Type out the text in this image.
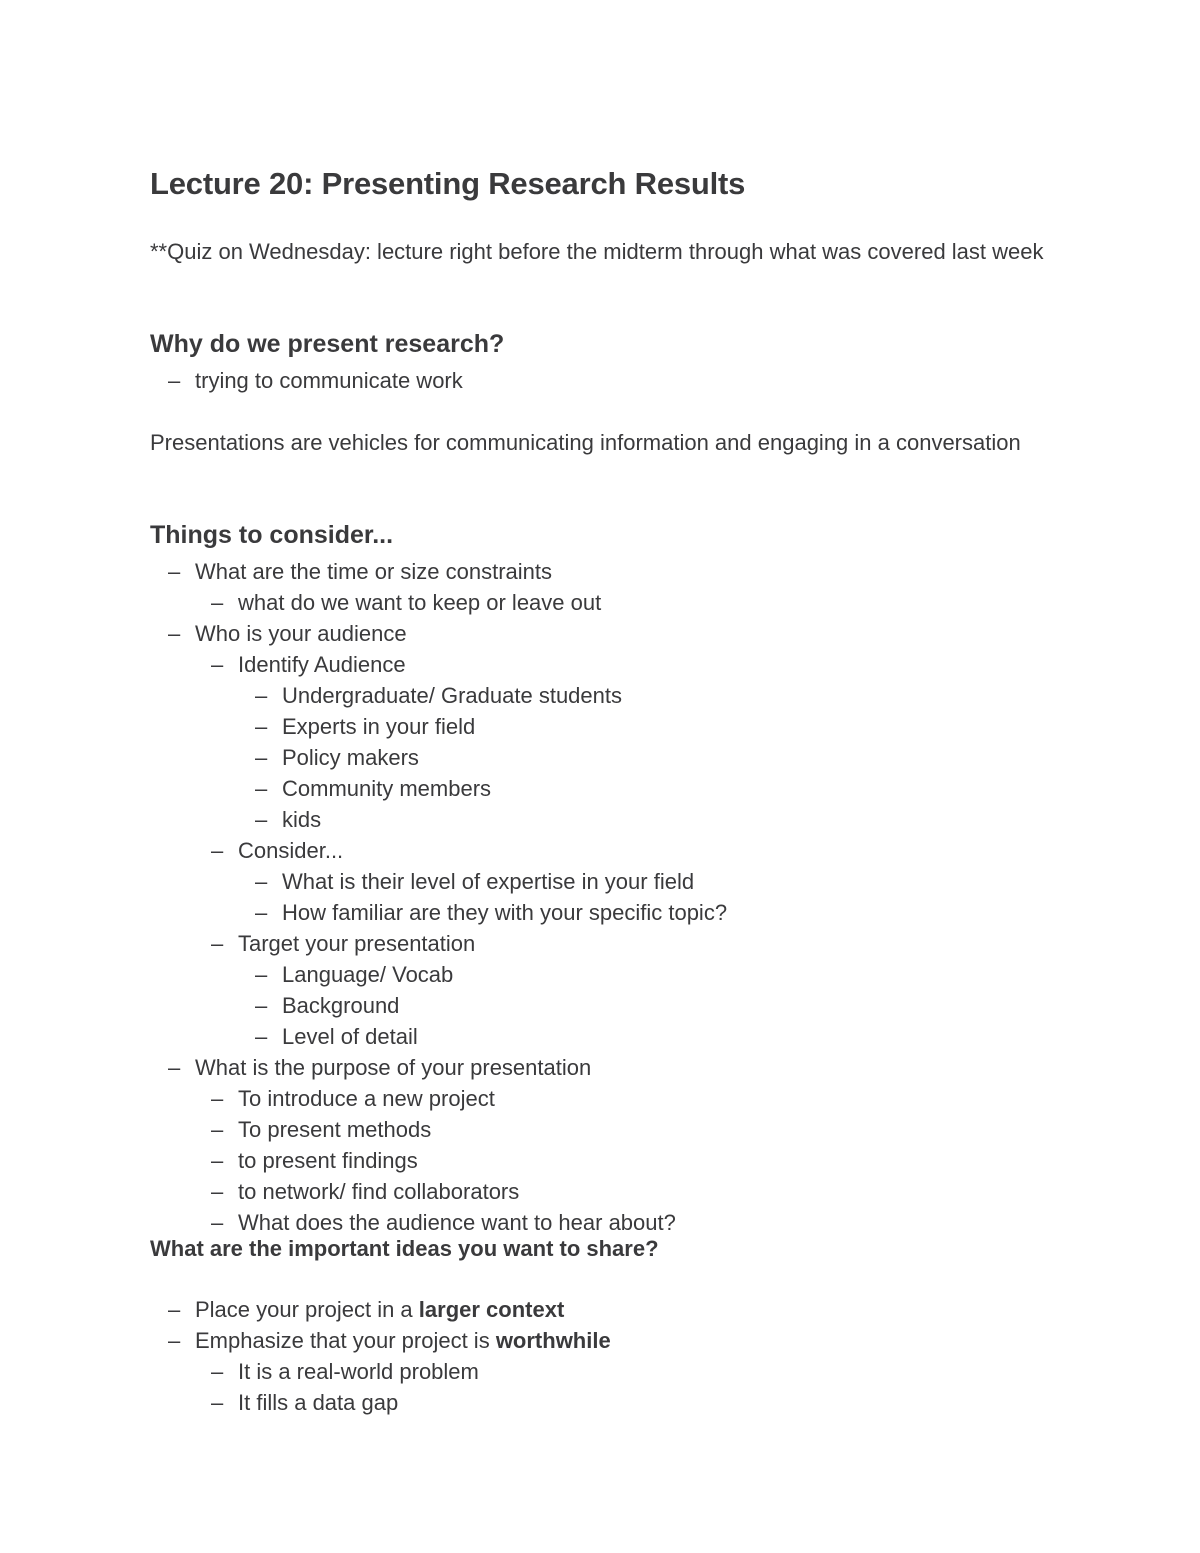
Lecture 20: Presenting Research Results

**Quiz on Wednesday: lecture right before the midterm through what was covered last week

Why do we present research?
– trying to communicate work

Presentations are vehicles for communicating information and engaging in a conversation

Things to consider...
– What are the time or size constraints
– what do we want to keep or leave out
– Who is your audience
– Identify Audience
– Undergraduate/ Graduate students
– Experts in your field
– Policy makers
– Community members
– kids
– Consider...
– What is their level of expertise in your field
– How familiar are they with your specific topic?
– Target your presentation
– Language/ Vocab
– Background
– Level of detail
– What is the purpose of your presentation
– To introduce a new project
– To present methods
– to present findings
– to network/ find collaborators
– What does the audience want to hear about?

What are the important ideas you want to share?

– Place your project in a larger context
– Emphasize that your project is worthwhile
– It is a real-world problem
– It fills a data gap
